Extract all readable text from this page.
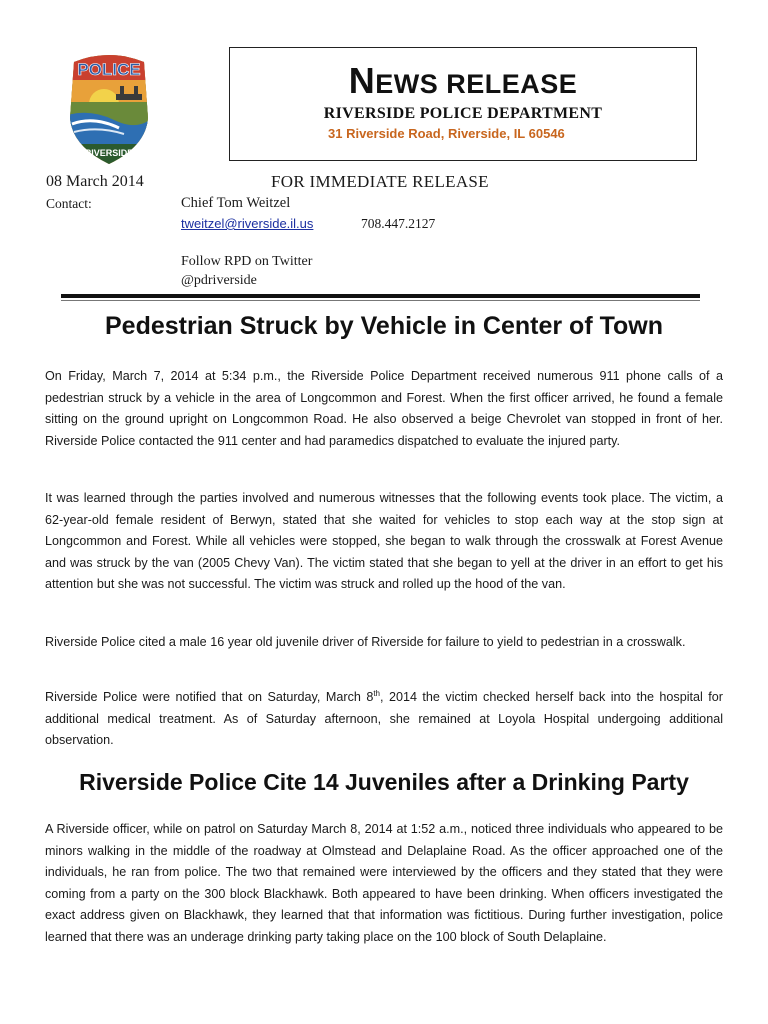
POLICE
RIVERSIDE
NEWS RELEASE
RIVERSIDE POLICE DEPARTMENT
31 Riverside Road, Riverside, IL 60546
08 March 2014	FOR IMMEDIATE RELEASE
Contact:	Chief Tom Weitzel
tweitzel@riverside.il.us	708.447.2127
Follow RPD on Twitter
@pdriverside
Pedestrian Struck by Vehicle in Center of Town
On Friday, March 7, 2014 at 5:34 p.m., the Riverside Police Department received numerous 911 phone calls of a pedestrian struck by a vehicle in the area of Longcommon and Forest. When the first officer arrived, he found a female sitting on the ground upright on Longcommon Road. He also observed a beige Chevrolet van stopped in front of her. Riverside Police contacted the 911 center and had paramedics dispatched to evaluate the injured party.
It was learned through the parties involved and numerous witnesses that the following events took place. The victim, a 62-year-old female resident of Berwyn, stated that she waited for vehicles to stop each way at the stop sign at Longcommon and Forest. While all vehicles were stopped, she began to walk through the crosswalk at Forest Avenue and was struck by the van (2005 Chevy Van). The victim stated that she began to yell at the driver in an effort to get his attention but she was not successful. The victim was struck and rolled up the hood of the van.
Riverside Police cited a male 16 year old juvenile driver of Riverside for failure to yield to pedestrian in a crosswalk.
Riverside Police were notified that on Saturday, March 8th, 2014 the victim checked herself back into the hospital for additional medical treatment. As of Saturday afternoon, she remained at Loyola Hospital undergoing additional observation.
Riverside Police Cite 14 Juveniles after a Drinking Party
A Riverside officer, while on patrol on Saturday March 8, 2014 at 1:52 a.m., noticed three individuals who appeared to be minors walking in the middle of the roadway at Olmstead and Delaplaine Road. As the officer approached one of the individuals, he ran from police. The two that remained were interviewed by the officers and they stated that they were coming from a party on the 300 block Blackhawk. Both appeared to have been drinking. When officers investigated the exact address given on Blackhawk, they learned that that information was fictitious. During further investigation, police learned that there was an underage drinking party taking place on the 100 block of South Delaplaine.
